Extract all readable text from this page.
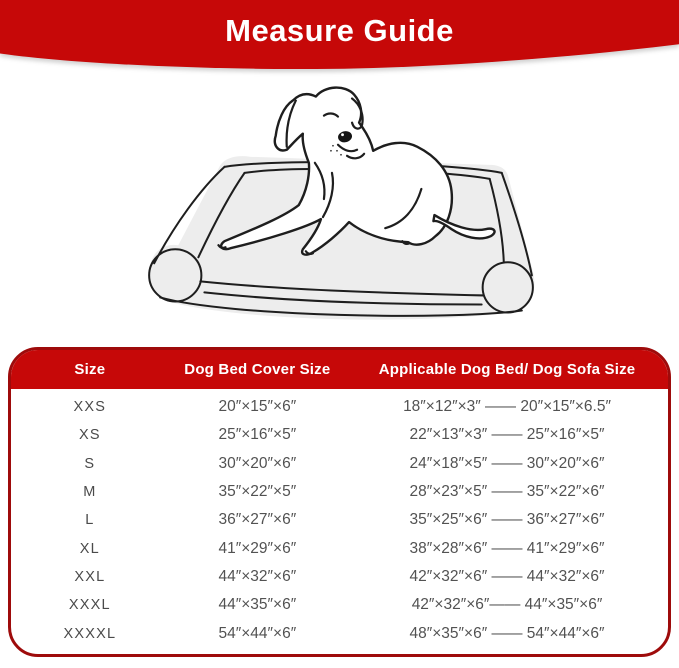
Measure Guide
Size	Dog Bed Cover Size	Applicable Dog Bed/ Dog Sofa Size
XXS	20″×15″×6″	18″×12″×3″ —— 20″×15″×6.5″
XS	25″×16″×5″	22″×13″×3″ —— 25″×16″×5″
S	30″×20″×6″	24″×18″×5″ —— 30″×20″×6″
M	35″×22″×5″	28″×23″×5″ —— 35″×22″×6″
L	36″×27″×6″	35″×25″×6″ —— 36″×27″×6″
XL	41″×29″×6″	38″×28″×6″ —— 41″×29″×6″
XXL	44″×32″×6″	42″×32″×6″ —— 44″×32″×6″
XXXL	44″×35″×6″	42″×32″×6″—— 44″×35″×6″
XXXXL	54″×44″×6″	48″×35″×6″ —— 54″×44″×6″
